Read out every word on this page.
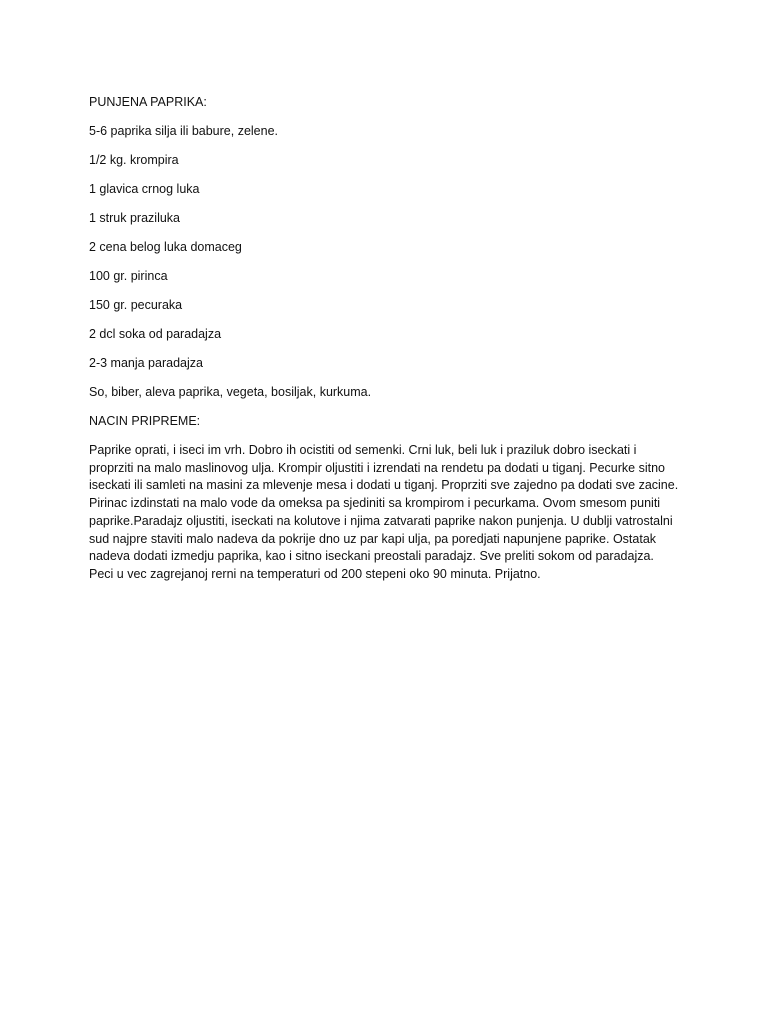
PUNJENA PAPRIKA:
5-6 paprika silja ili babure, zelene.
1/2 kg. krompira
1 glavica crnog luka
1 struk praziluka
2 cena belog luka domaceg
100 gr. pirinca
150 gr. pecuraka
2 dcl soka od paradajza
2-3 manja paradajza
So, biber, aleva paprika, vegeta, bosiljak, kurkuma.
NACIN PRIPREME:

Paprike oprati, i iseci im vrh. Dobro ih ocistiti od semenki. Crni luk, beli luk i praziluk dobro iseckati i proprziti na malo maslinovog ulja. Krompir oljustiti i izrendati na rendetu pa dodati u tiganj. Pecurke sitno iseckati ili samleti na masini za mlevenje mesa i dodati u tiganj. Proprziti sve zajedno pa dodati sve zacine. Pirinac izdinstati na malo vode da omeksa pa sjediniti sa krompirom i pecurkama. Ovom smesom puniti paprike.Paradajz oljustiti, iseckati na kolutove i njima zatvarati paprike nakon punjenja. U dublji vatrostalni sud najpre staviti malo nadeva da pokrije dno uz par kapi ulja, pa poredjati napunjene paprike. Ostatak nadeva dodati izmedju paprika, kao i sitno iseckani preostali paradajz. Sve preliti sokom od paradajza. Peci u vec zagrejanoj rerni na temperaturi od 200 stepeni oko 90 minuta. Prijatno.
